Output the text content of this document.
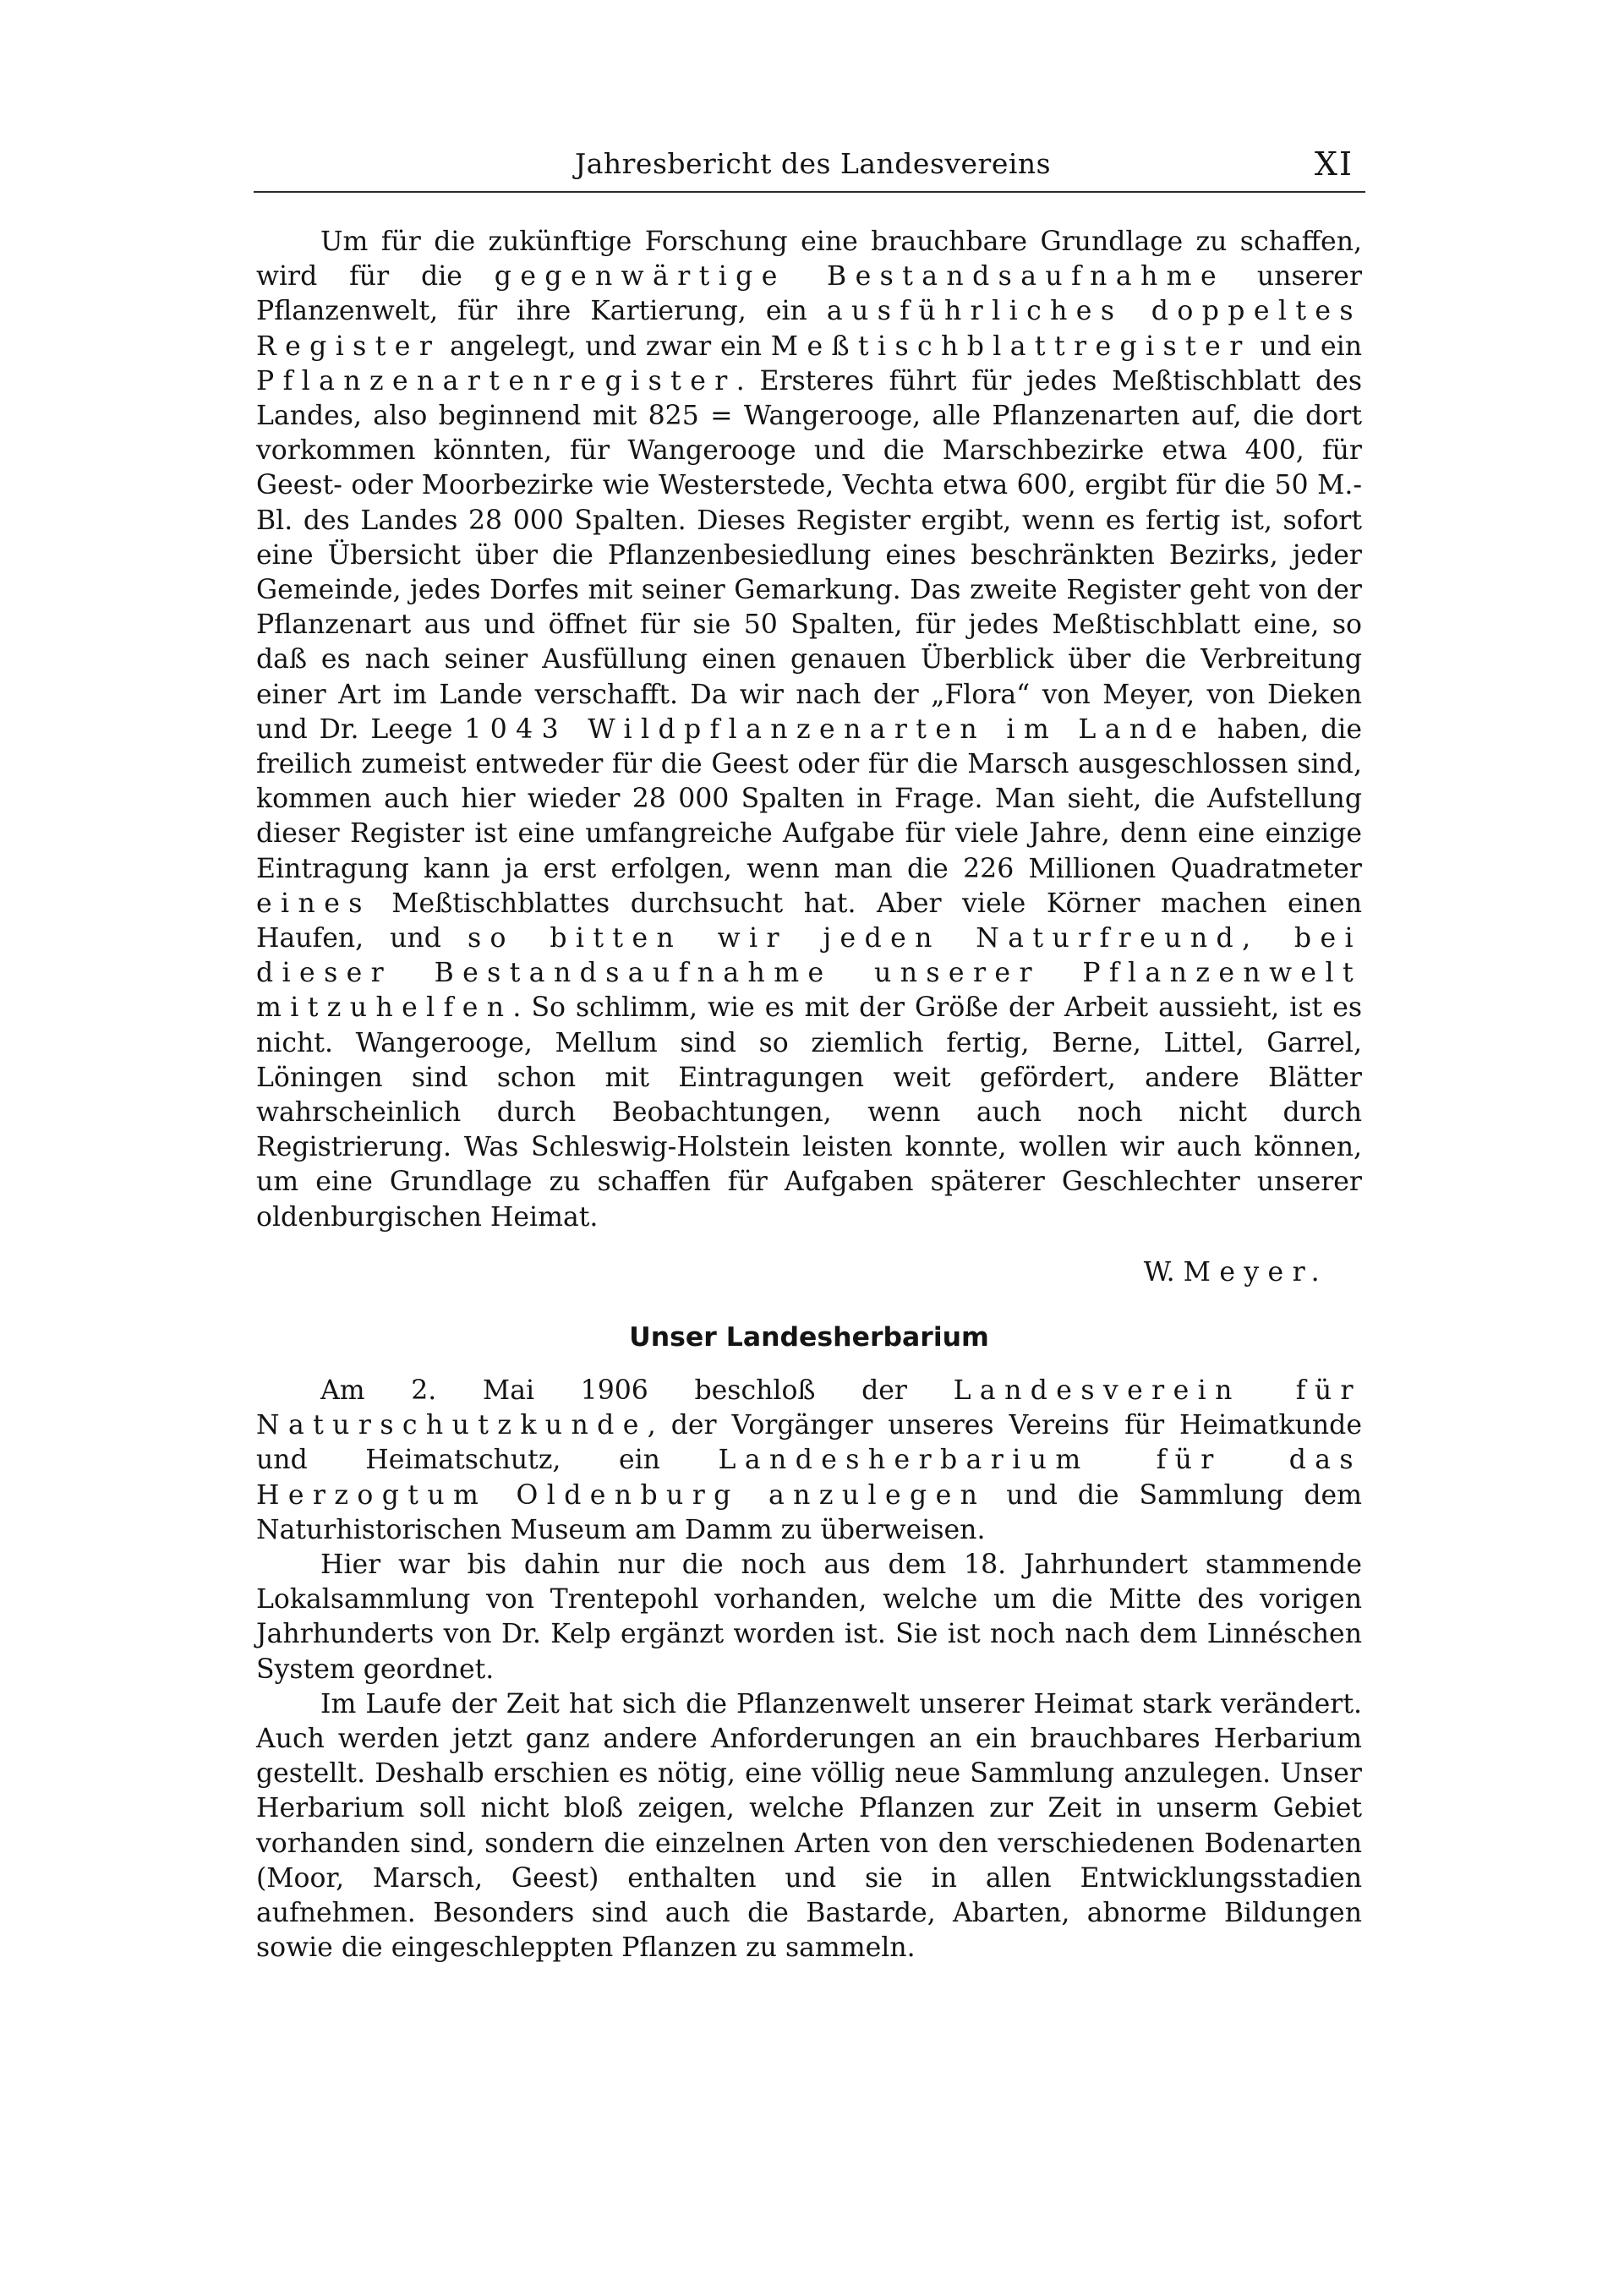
Jahresbericht des Landesvereins	XI

Um für die zukünftige Forschung eine brauchbare Grundlage zu schaffen, wird für die gegenwärtige Bestandsaufnahme unserer Pflanzenwelt, für ihre Kartierung, ein ausführliches doppeltes Register angelegt, und zwar ein Meßtischblattregister und ein Pflanzenartenregister. Ersteres führt für jedes Meßtischblatt des Landes, also beginnend mit 825 = Wangerooge, alle Pflanzenarten auf, die dort vorkommen könnten, für Wangerooge und die Marschbezirke etwa 400, für Geest- oder Moorbezirke wie Westerstede, Vechta etwa 600, ergibt für die 50 M.-Bl. des Landes 28 000 Spalten. Dieses Register ergibt, wenn es fertig ist, sofort eine Übersicht über die Pflanzenbesiedlung eines beschränkten Bezirks, jeder Gemeinde, jedes Dorfes mit seiner Gemarkung. Das zweite Register geht von der Pflanzenart aus und öffnet für sie 50 Spalten, für jedes Meßtischblatt eine, so daß es nach seiner Ausfüllung einen genauen Überblick über die Verbreitung einer Art im Lande verschafft. Da wir nach der „Flora“ von Meyer, von Dieken und Dr. Leege 1043 Wildpflanzenarten im Lande haben, die freilich zumeist entweder für die Geest oder für die Marsch ausgeschlossen sind, kommen auch hier wieder 28 000 Spalten in Frage. Man sieht, die Aufstellung dieser Register ist eine umfangreiche Aufgabe für viele Jahre, denn eine einzige Eintragung kann ja erst erfolgen, wenn man die 226 Millionen Quadratmeter eines Meßtischblattes durchsucht hat. Aber viele Körner machen einen Haufen, und so bitten wir jeden Naturfreund, bei dieser Bestandsaufnahme unserer Pflanzenwelt mitzuhelfen. So schlimm, wie es mit der Größe der Arbeit aussieht, ist es nicht. Wangerooge, Mellum sind so ziemlich fertig, Berne, Littel, Garrel, Löningen sind schon mit Eintragungen weit gefördert, andere Blätter wahrscheinlich durch Beobachtungen, wenn auch noch nicht durch Registrierung. Was Schleswig-Holstein leisten konnte, wollen wir auch können, um eine Grundlage zu schaffen für Aufgaben späterer Geschlechter unserer oldenburgischen Heimat.

W. Meyer.
Unser Landesherbarium

Am 2. Mai 1906 beschloß der Landesverein für Naturschutzkunde, der Vorgänger unseres Vereins für Heimatkunde und Heimatschutz, ein Landesherbarium für das Herzogtum Oldenburg anzulegen und die Sammlung dem Naturhistorischen Museum am Damm zu überweisen.

Hier war bis dahin nur die noch aus dem 18. Jahrhundert stammende Lokalsammlung von Trentepohl vorhanden, welche um die Mitte des vorigen Jahrhunderts von Dr. Kelp ergänzt worden ist. Sie ist noch nach dem Linnéschen System geordnet.

Im Laufe der Zeit hat sich die Pflanzenwelt unserer Heimat stark verändert. Auch werden jetzt ganz andere Anforderungen an ein brauchbares Herbarium gestellt. Deshalb erschien es nötig, eine völlig neue Sammlung anzulegen. Unser Herbarium soll nicht bloß zeigen, welche Pflanzen zur Zeit in unserm Gebiet vorhanden sind, sondern die einzelnen Arten von den verschiedenen Bodenarten (Moor, Marsch, Geest) enthalten und sie in allen Entwicklungsstadien aufnehmen. Besonders sind auch die Bastarde, Abarten, abnorme Bildungen sowie die eingeschleppten Pflanzen zu sammeln.
